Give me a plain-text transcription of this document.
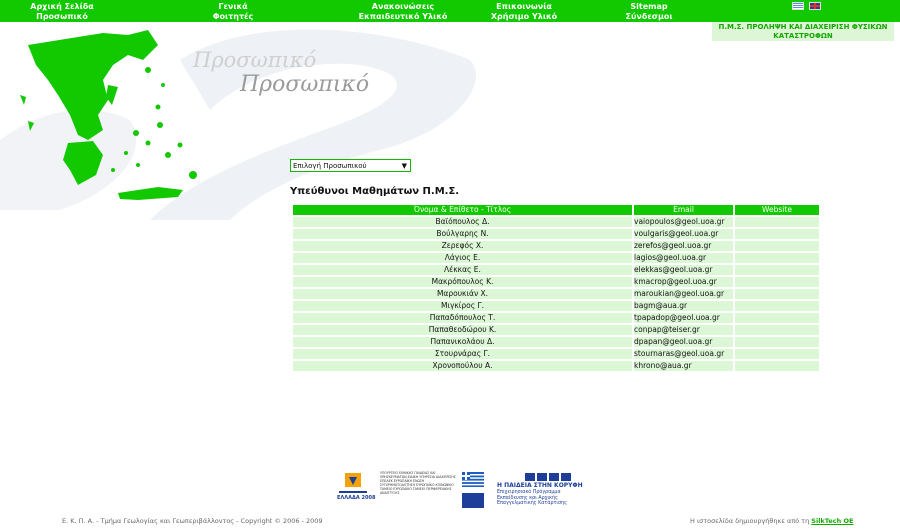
Αρχική Σελίδα	Γενικά	Ανακοινώσεις	Επικοινωνία	Sitemap
Προσωπικό	Φοιτητές	Εκπαιδευτικό Υλικό	Χρήσιμο Υλικό	Σύνδεσμοι
Π.Μ.Σ. ΠΡΟΛΗΨΗ ΚΑΙ ΔΙΑΧΕΙΡΙΣΗ ΦΥΣΙΚΩΝ
ΚΑΤΑΣΤΡΟΦΩΝ
Προσωπικό
Προσωπικό
Επιλογή Προσωπικού	▼
Υπεύθυνοι Μαθημάτων Π.Μ.Σ.
Όνομα & Επίθετο - Τίτλος	Email	Website
Βαϊόπουλος Δ.	vaiopoulos@geol.uoa.gr	
Βούλγαρης Ν.	voulgaris@geol.uoa.gr	
Ζερεφός Χ.	zerefos@geol.uoa.gr	
Λάγιος Ε.	lagios@geol.uoa.gr	
Λέκκας Ε.	elekkas@geol.uoa.gr	
Μακρόπουλος Κ.	kmacrop@geol.uoa.gr	
Μαρουκιάν Χ.	maroukian@geol.uoa.gr	
Μιγκίρος Γ.	bagm@aua.gr	
Παπαδόπουλος Τ.	tpapadop@geol.uoa.gr	
Παπαθεοδώρου Κ.	conpap@teiser.gr	
Παπανικολάου Δ.	dpapan@geol.uoa.gr	
Στουρνάρας Γ.	stournaras@geol.uoa.gr	
Χρονοπούλου Α.	khrono@aua.gr	
ΕΛΛΑΔΑ 2008
ΥΠΟΥΡΓΕΙΟ ΕΘΝΙΚΗΣ ΠΑΙΔΕΙΑΣ ΚΑΙ ΘΡΗΣΚΕΥΜΑΤΩΝ ΕΙΔΙΚΗ ΥΠΗΡΕΣΙΑ ΔΙΑΧΕΙΡΙΣΗΣ ΕΠΕΑΕΚ ΕΥΡΩΠΑΪΚΗ ΕΝΩΣΗ ΣΥΓΧΡΗΜΑΤΟΔΟΤΗΣΗ ΕΥΡΩΠΑΪΚΟ ΚΟΙΝΩΝΙΚΟ ΤΑΜΕΙΟ ΕΥΡΩΠΑΪΚΟ ΤΑΜΕΙΟ ΠΕΡΙΦΕΡΕΙΑΚΗΣ ΑΝΑΠΤΥΞΗΣ
Η ΠΑΙΔΕΙΑ ΣΤΗΝ ΚΟΡΥΦΗ
Επιχειρησιακό Πρόγραμμα
Εκπαίδευσης και Αρχικής
Επαγγελματικής Κατάρτισης
Ε. Κ. Π. Α. - Τμήμα Γεωλογίας και Γεωπεριβάλλοντος - Copyright © 2006 - 2009	Η ιστοσελίδα δημιουργήθηκε από τη SilkTech OE
